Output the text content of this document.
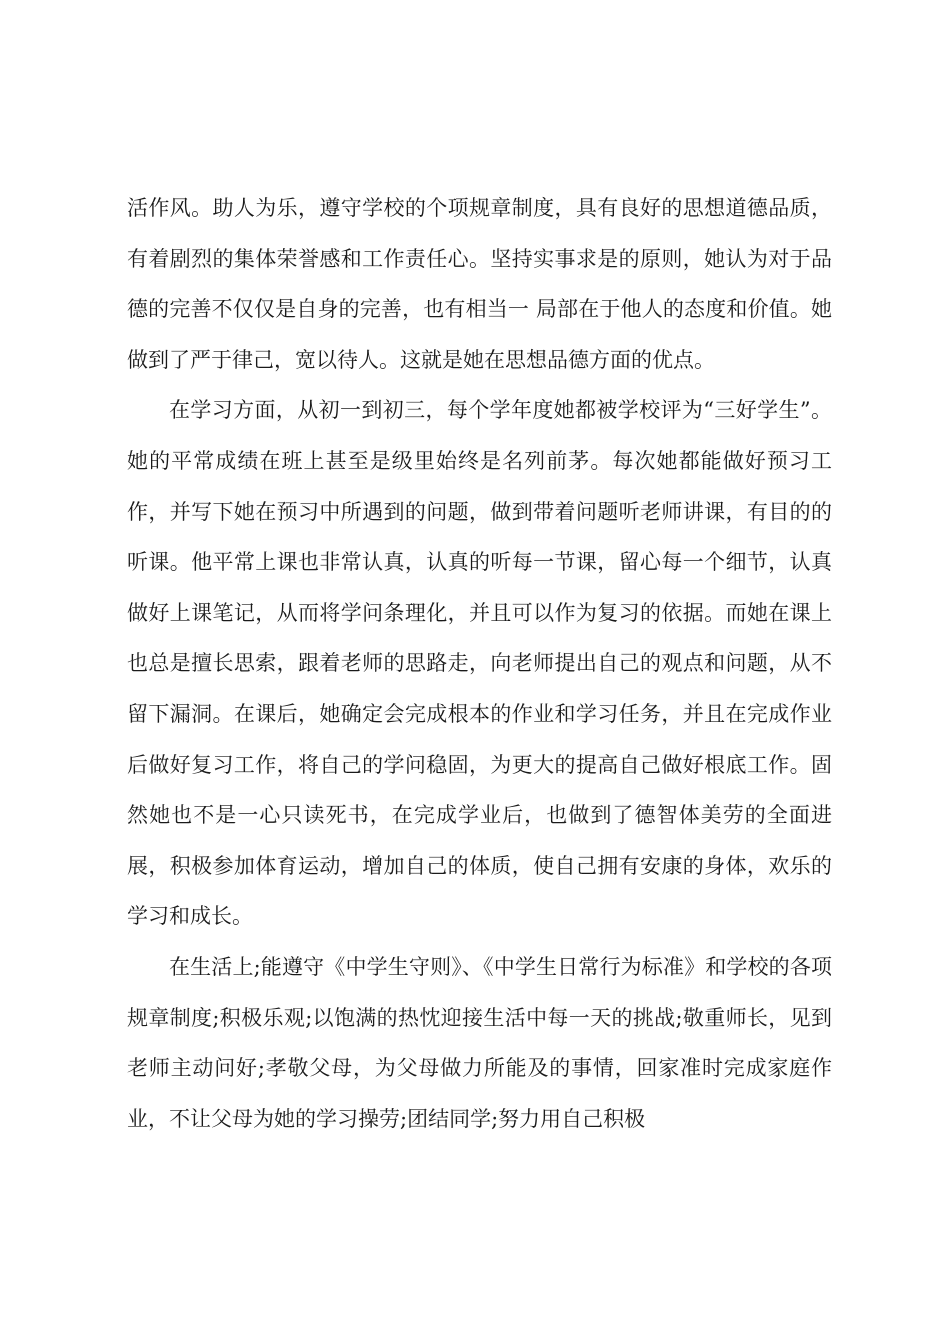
活作风。助人为乐，遵守学校的个项规章制度，具有良好的思想道德品质，有着剧烈的集体荣誉感和工作责任心。坚持实事求是的原则，她认为对于品德的完善不仅仅是自身的完善，也有相当一 局部在于他人的态度和价值。她做到了严于律己，宽以待人。这就是她在思想品德方面的优点。

在学习方面，从初一到初三，每个学年度她都被学校评为“三好学生”。她的平常成绩在班上甚至是级里始终是名列前茅。每次她都能做好预习工作，并写下她在预习中所遇到的问题，做到带着问题听老师讲课，有目的的听课。他平常上课也非常认真，认真的听每一节课，留心每一个细节，认真做好上课笔记，从而将学问条理化，并且可以作为复习的依据。而她在课上也总是擅长思索，跟着老师的思路走，向老师提出自己的观点和问题，从不留下漏洞。在课后，她确定会完成根本的作业和学习任务，并且在完成作业后做好复习工作，将自己的学问稳固，为更大的提高自己做好根底工作。固然她也不是一心只读死书，在完成学业后，也做到了德智体美劳的全面进展，积极参加体育运动，增加自己的体质，使自己拥有安康的身体，欢乐的学习和成长。

在生活上;能遵守《中学生守则》、《中学生日常行为标准》和学校的各项规章制度;积极乐观;以饱满的热忱迎接生活中每一天的挑战;敬重师长，见到老师主动问好;孝敬父母，为父母做力所能及的事情，回家准时完成家庭作业，不让父母为她的学习操劳;团结同学;努力用自己积极
